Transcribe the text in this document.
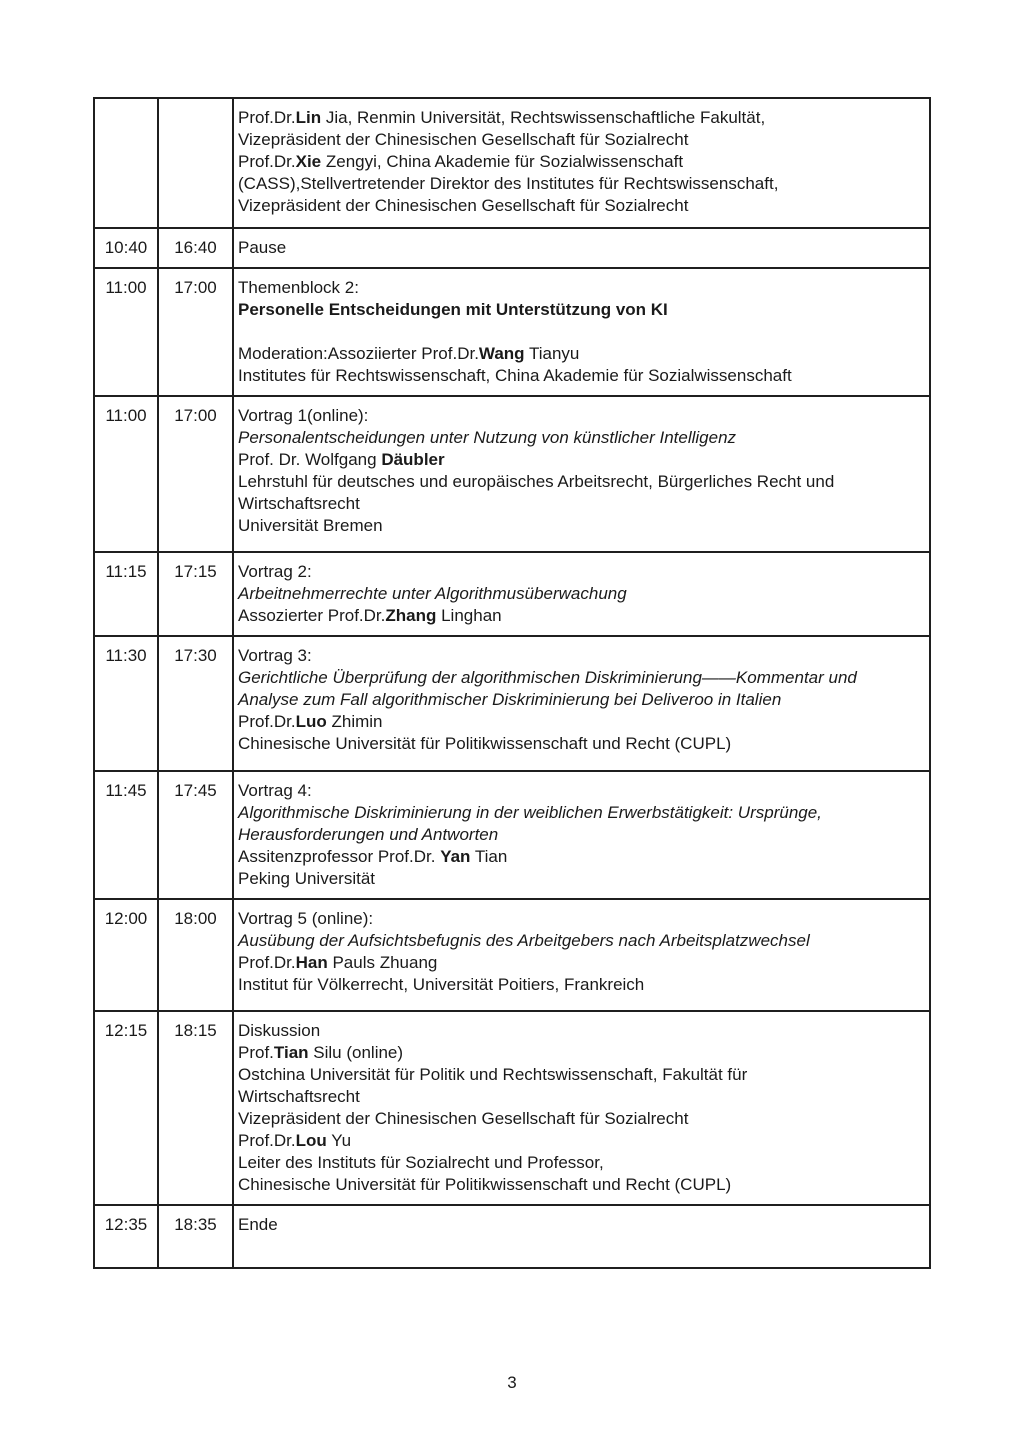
		Prof.Dr.Lin Jia, Renmin Universität, Rechtswissenschaftliche Fakultät,
Vizepräsident der Chinesischen Gesellschaft für Sozialrecht
Prof.Dr.Xie Zengyi, China Akademie für Sozialwissenschaft
(CASS),Stellvertretender Direktor des Institutes für Rechtswissenschaft,
Vizepräsident der Chinesischen Gesellschaft für Sozialrecht

10:40	16:40	Pause

11:00	17:00	Themenblock 2:
Personelle Entscheidungen mit Unterstützung von KI

Moderation:Assoziierter Prof.Dr.Wang Tianyu
Institutes für Rechtswissenschaft, China Akademie für Sozialwissenschaft

11:00	17:00	Vortrag 1(online):
Personalentscheidungen unter Nutzung von künstlicher Intelligenz
Prof. Dr. Wolfgang Däubler
Lehrstuhl für deutsches und europäisches Arbeitsrecht, Bürgerliches Recht und
Wirtschaftsrecht
Universität Bremen

11:15	17:15	Vortrag 2:
Arbeitnehmerrechte unter Algorithmusüberwachung
Assozierter Prof.Dr.Zhang Linghan

11:30	17:30	Vortrag 3:
Gerichtliche Überprüfung der algorithmischen Diskriminierung——Kommentar und
Analyse zum Fall algorithmischer Diskriminierung bei Deliveroo in Italien
Prof.Dr.Luo Zhimin
Chinesische Universität für Politikwissenschaft und Recht (CUPL)

11:45	17:45	Vortrag 4:
Algorithmische Diskriminierung in der weiblichen Erwerbstätigkeit: Ursprünge,
Herausforderungen und Antworten
Assitenzprofessor Prof.Dr. Yan Tian
Peking Universität

12:00	18:00	Vortrag 5 (online):
Ausübung der Aufsichtsbefugnis des Arbeitgebers nach Arbeitsplatzwechsel
Prof.Dr.Han Pauls Zhuang
Institut für Völkerrecht, Universität Poitiers, Frankreich

12:15	18:15	Diskussion
Prof.Tian Silu (online)
Ostchina Universität für Politik und Rechtswissenschaft, Fakultät für
Wirtschaftsrecht
Vizepräsident der Chinesischen Gesellschaft für Sozialrecht
Prof.Dr.Lou Yu
Leiter des Instituts für Sozialrecht und Professor,
Chinesische Universität für Politikwissenschaft und Recht (CUPL)

12:35	18:35	Ende
3
